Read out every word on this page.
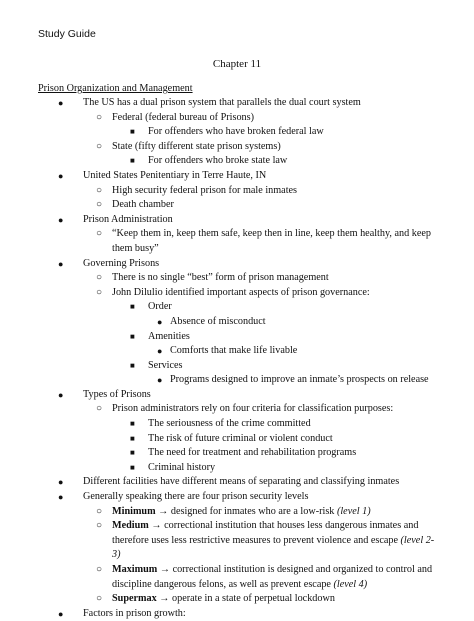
Study Guide
Chapter 11
Prison Organization and Management
● The US has a dual prison system that parallels the dual court system
○ Federal (federal bureau of Prisons)
■ For offenders who have broken federal law
○ State (fifty different state prison systems)
■ For offenders who broke state law
● United States Penitentiary in Terre Haute, IN
○ High security federal prison for male inmates
○ Death chamber
● Prison Administration
○ “Keep them in, keep them safe, keep then in line, keep them healthy, and keep them busy”
● Governing Prisons
○ There is no single “best” form of prison management
○ John Dilulio identified important aspects of prison governance:
■ Order
● Absence of misconduct
■ Amenities
● Comforts that make life livable
■ Services
● Programs designed to improve an inmate’s prospects on release
● Types of Prisons
○ Prison administrators rely on four criteria for classification purposes:
■ The seriousness of the crime committed
■ The risk of future criminal or violent conduct
■ The need for treatment and rehabilitation programs
■ Criminal history
● Different facilities have different means of separating and classifying inmates
● Generally speaking there are four prison security levels
○ Minimum → designed for inmates who are a low-risk (level 1)
○ Medium → correctional institution that houses less dangerous inmates and therefore uses less restrictive measures to prevent violence and escape (level 2-3)
○ Maximum → correctional institution is designed and organized to control and discipline dangerous felons, as well as prevent escape (level 4)
○ Supermax → operate in a state of perpetual lockdown
● Factors in prison growth:
